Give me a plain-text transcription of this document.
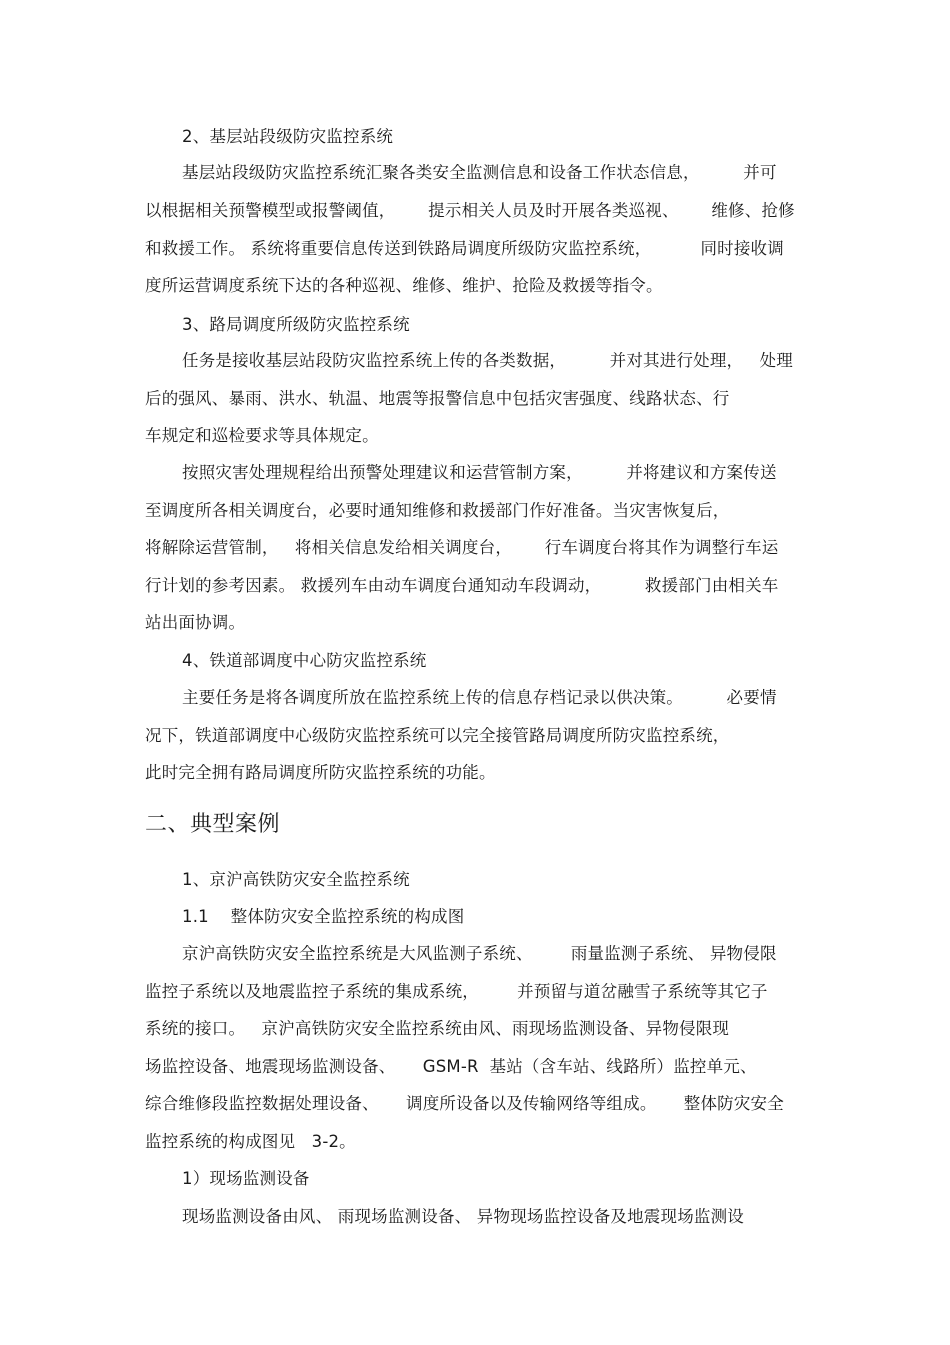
2、基层站段级防灾监控系统
基层站段级防灾监控系统汇聚各类安全监测信息和设备工作状态信息，        并可
以根据相关预警模型或报警阈值，      提示相关人员及时开展各类巡视、      维修、抢修
和救援工作。 系统将重要信息传送到铁路局调度所级防灾监控系统，         同时接收调
度所运营调度系统下达的各种巡视、维修、维护、抢险及救援等指令。
3、路局调度所级防灾监控系统
任务是接收基层站段防灾监控系统上传的各类数据，        并对其进行处理，   处理
后的强风、暴雨、洪水、轨温、地震等报警信息中包括灾害强度、线路状态、行
车规定和巡检要求等具体规定。
按照灾害处理规程给出预警处理建议和运营管制方案，        并将建议和方案传送
至调度所各相关调度台，必要时通知维修和救援部门作好准备。当灾害恢复后，
将解除运营管制，   将相关信息发给相关调度台，      行车调度台将其作为调整行车运
行计划的参考因素。 救援列车由动车调度台通知动车段调动，        救援部门由相关车
站出面协调。
4、铁道部调度中心防灾监控系统
主要任务是将各调度所放在监控系统上传的信息存档记录以供决策。        必要情
况下，铁道部调度中心级防灾监控系统可以完全接管路局调度所防灾监控系统，
此时完全拥有路局调度所防灾监控系统的功能。
二、典型案例
1、京沪高铁防灾安全监控系统
1.1    整体防灾安全监控系统的构成图
京沪高铁防灾安全监控系统是大风监测子系统、       雨量监测子系统、 异物侵限
监控子系统以及地震监控子系统的集成系统，       并预留与道岔融雪子系统等其它子
系统的接口。   京沪高铁防灾安全监控系统由风、雨现场监测设备、异物侵限现
场监控设备、地震现场监测设备、     GSM-R  基站（含车站、线路所）监控单元、
综合维修段监控数据处理设备、     调度所设备以及传输网络等组成。     整体防灾安全
监控系统的构成图见   3-2。
1）现场监测设备
现场监测设备由风、 雨现场监测设备、 异物现场监控设备及地震现场监测设
